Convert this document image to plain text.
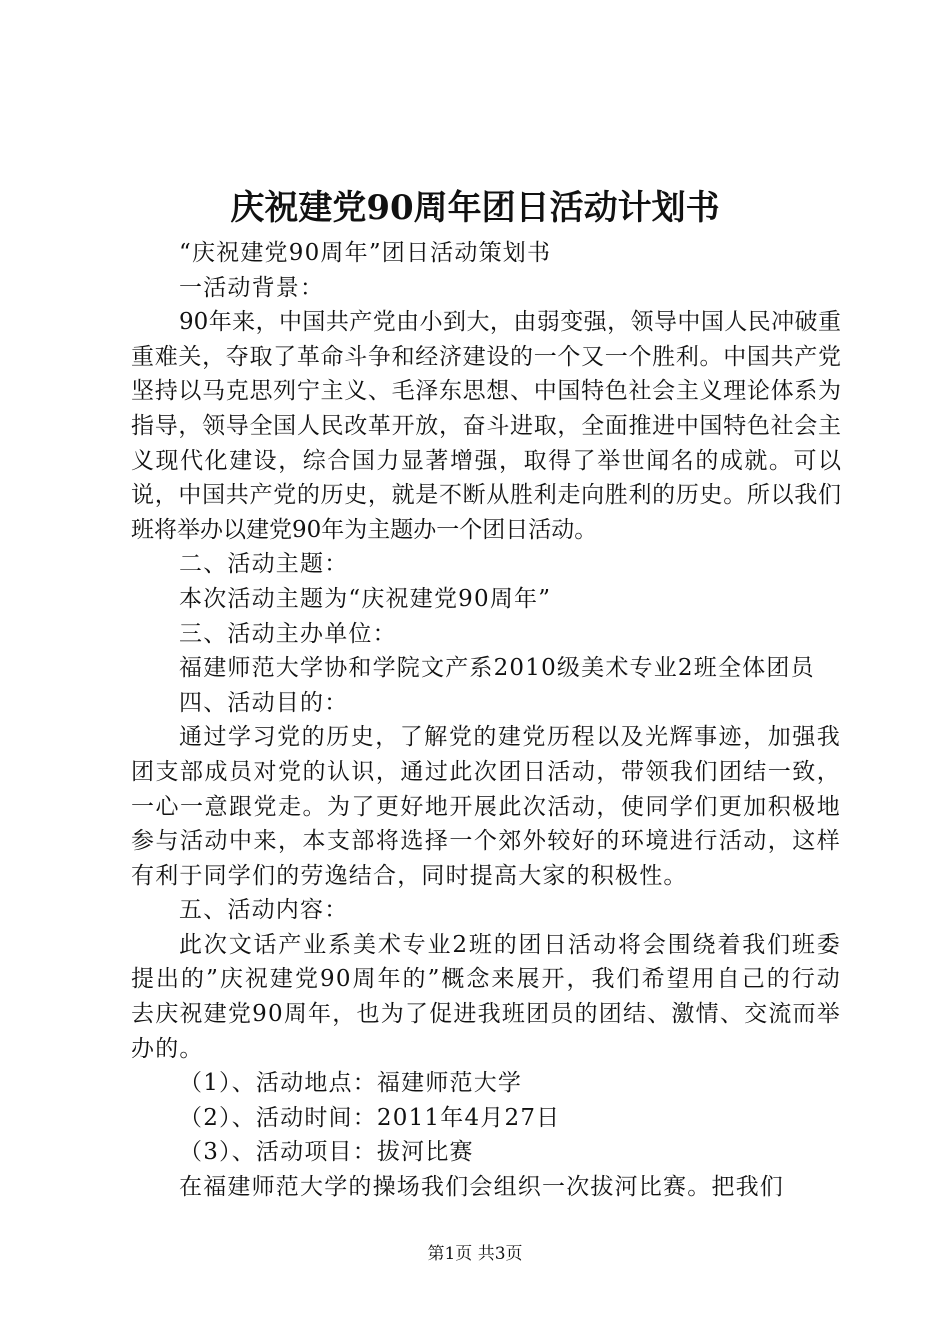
庆祝建党90周年团日活动计划书

“庆祝建党90周年”团日活动策划书

一活动背景：

90年来，中国共产党由小到大，由弱变强，领导中国人民冲破重重难关，夺取了革命斗争和经济建设的一个又一个胜利。中国共产党坚持以马克思列宁主义、毛泽东思想、中国特色社会主义理论体系为指导，领导全国人民改革开放，奋斗进取，全面推进中国特色社会主义现代化建设，综合国力显著增强，取得了举世闻名的成就。可以说，中国共产党的历史，就是不断从胜利走向胜利的历史。所以我们班将举办以建党90年为主题办一个团日活动。

二、活动主题：

本次活动主题为“庆祝建党90周年”

三、活动主办单位：

福建师范大学协和学院文产系2010级美术专业2班全体团员

四、活动目的：

通过学习党的历史，了解党的建党历程以及光辉事迹，加强我团支部成员对党的认识，通过此次团日活动，带领我们团结一致，一心一意跟党走。为了更好地开展此次活动，使同学们更加积极地参与活动中来，本支部将选择一个郊外较好的环境进行活动，这样有利于同学们的劳逸结合，同时提高大家的积极性。

五、活动内容：

此次文话产业系美术专业2班的团日活动将会围绕着我们班委提出的”庆祝建党90周年的”概念来展开，我们希望用自己的行动去庆祝建党90周年，也为了促进我班团员的团结、激情、交流而举办的。

（1）、活动地点：福建师范大学

（2）、活动时间：2011年4月27日

（3）、活动项目：拔河比赛

在福建师范大学的操场我们会组织一次拔河比赛。把我们

第1页 共3页
